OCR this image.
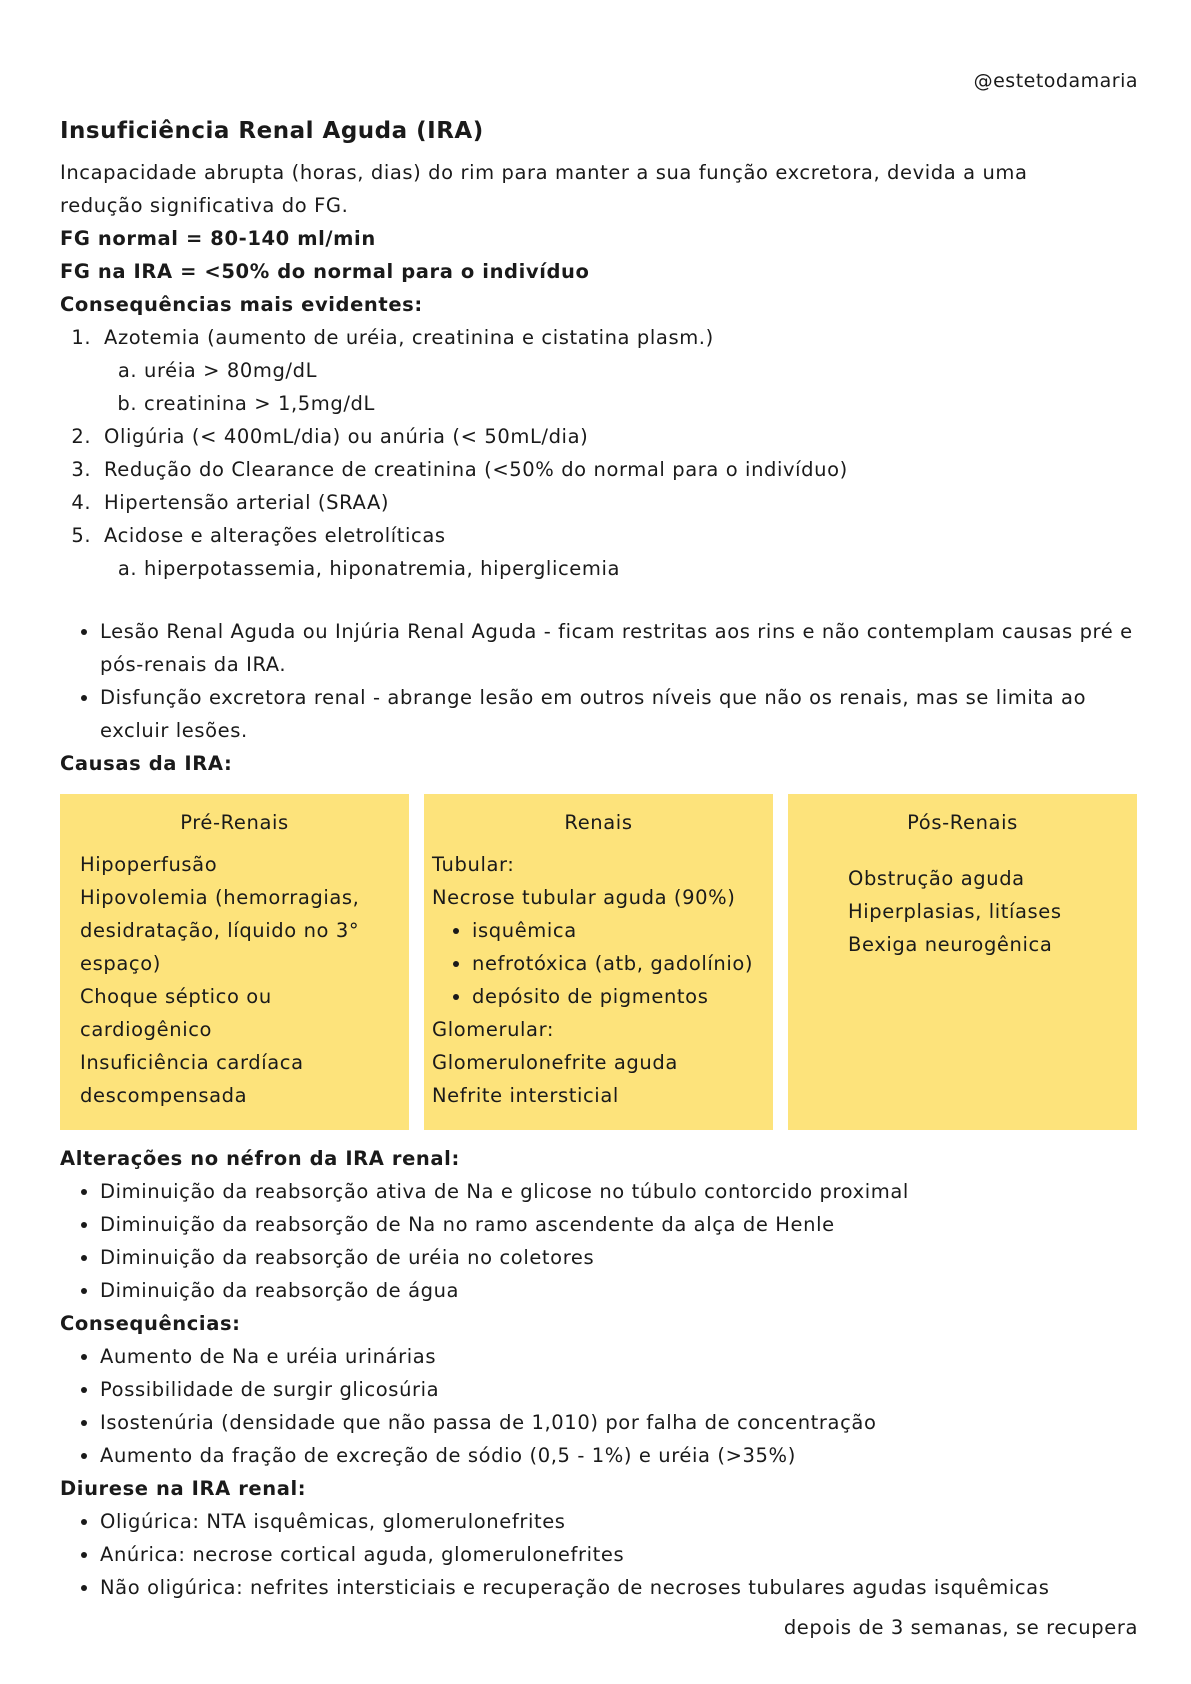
@estetodamaria
Insuficiência Renal Aguda (IRA)

Incapacidade abrupta (horas, dias) do rim para manter a sua função excretora, devida a uma

redução significativa do FG.

FG normal = 80-140 ml/min

FG na IRA = <50% do normal para o indivíduo

Consequências mais evidentes:

1. Azotemia (aumento de uréia, creatinina e cistatina plasm.)
a. uréia > 80mg/dL
b. creatinina > 1,5mg/dL
2. Oligúria (< 400mL/dia) ou anúria (< 50mL/dia)
3. Redução do Clearance de creatinina (<50% do normal para o indivíduo)
4. Hipertensão arterial (SRAA)
5. Acidose e alterações eletrolíticas
a. hiperpotassemia, hiponatremia, hiperglicemia
• Lesão Renal Aguda ou Injúria Renal Aguda - ficam restritas aos rins e não contemplam causas pré e pós-renais da IRA.
• Disfunção excretora renal - abrange lesão em outros níveis que não os renais, mas se limita ao excluir lesões.

Causas da IRA:

Pré-Renais

Hipoperfusão

Hipovolemia (hemorragias,

desidratação, líquido no 3°

espaço)

Choque séptico ou

cardiogênico

Insuficiência cardíaca

descompensada

Renais

Tubular:

Necrose tubular aguda (90%)

• isquêmica
• nefrotóxica (atb, gadolínio)
• depósito de pigmentos

Glomerular:

Glomerulonefrite aguda

Nefrite intersticial

Pós-Renais

Obstrução aguda

Hiperplasias, litíases

Bexiga neurogênica

Alterações no néfron da IRA renal:

• Diminuição da reabsorção ativa de Na e glicose no túbulo contorcido proximal
• Diminuição da reabsorção de Na no ramo ascendente da alça de Henle
• Diminuição da reabsorção de uréia no coletores
• Diminuição da reabsorção de água

Consequências:

• Aumento de Na e uréia urinárias
• Possibilidade de surgir glicosúria
• Isostenúria (densidade que não passa de 1,010) por falha de concentração
• Aumento da fração de excreção de sódio (0,5 - 1%) e uréia (>35%)

Diurese na IRA renal:

• Oligúrica: NTA isquêmicas, glomerulonefrites
• Anúrica: necrose cortical aguda, glomerulonefrites
• Não oligúrica: nefrites intersticiais e recuperação de necroses tubulares agudas isquêmicas
depois de 3 semanas, se recupera
